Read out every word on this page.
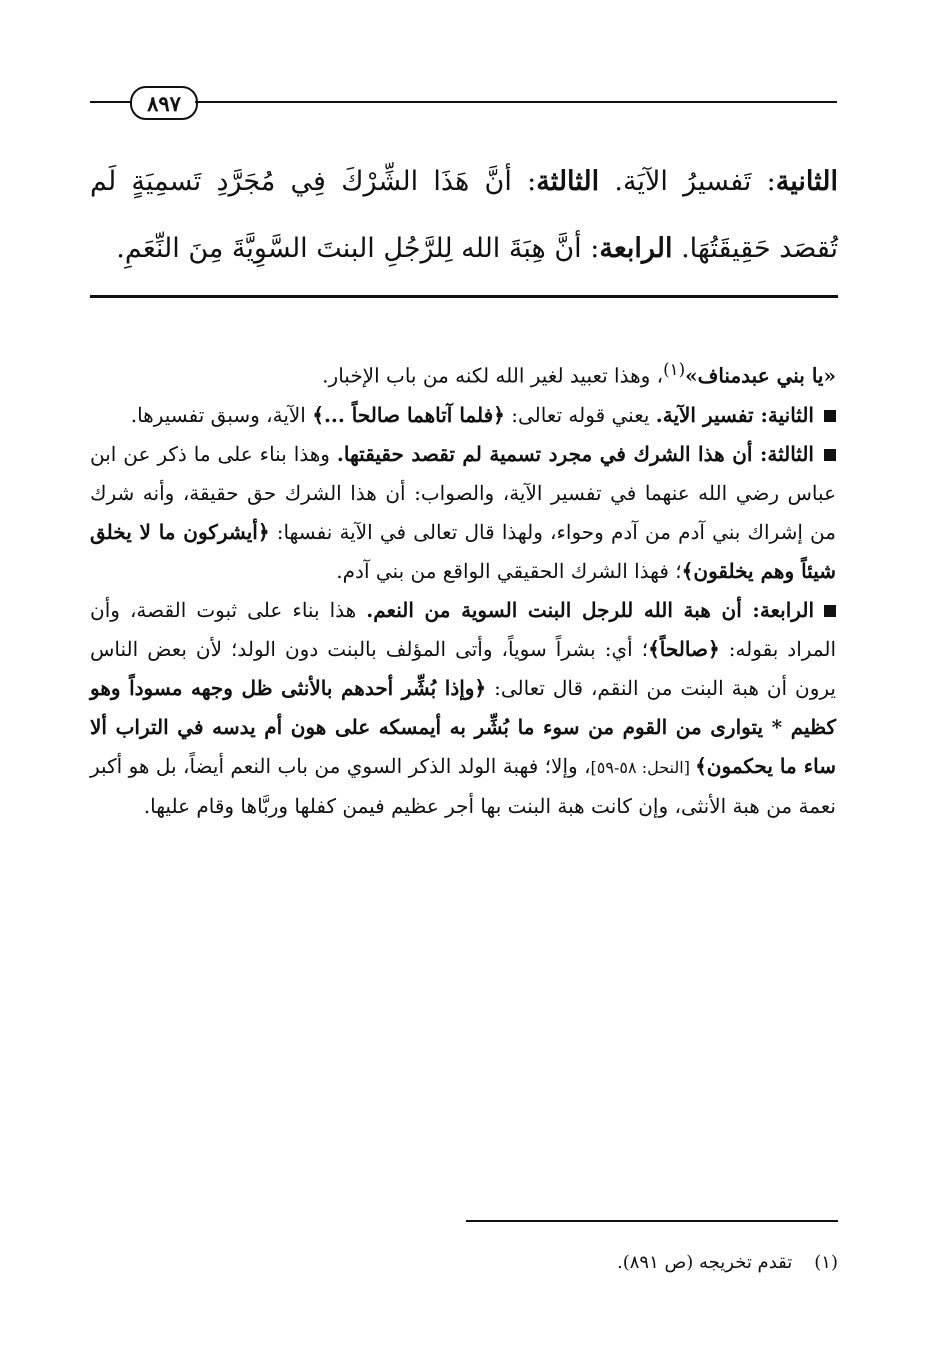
٨٩٧
الثانية: تَفسيرُ الآيَة. الثالثة: أنَّ هَذَا الشِّرْكَ فِي مُجَرَّدِ تَسمِيَةٍ لَم تُقصَد حَقِيقَتُهَا. الرابعة: أنَّ هِبَةَ الله لِلرَّجُلِ البنتَ السَّوِيَّةَ مِنَ النِّعَمِ.

«يا بني عبدمناف»$^{(١)}$، وهذا تعبيد لغير الله لكنه من باب الإخبار.

الثانية: تفسير الآية. يعني قوله تعالى: ﴿فلما آتاهما صالحاً ...﴾ الآية، وسبق تفسيرها.

الثالثة: أن هذا الشرك في مجرد تسمية لم تقصد حقيقتها. وهذا بناء على ما ذكر عن ابن عباس رضي الله عنهما في تفسير الآية، والصواب: أن هذا الشرك حق حقيقة، وأنه شرك من إشراك بني آدم من آدم وحواء، ولهذا قال تعالى في الآية نفسها: ﴿أيشركون ما لا يخلق شيئاً وهم يخلقون﴾؛ فهذا الشرك الحقيقي الواقع من بني آدم.

الرابعة: أن هبة الله للرجل البنت السوية من النعم. هذا بناء على ثبوت القصة، وأن المراد بقوله: ﴿صالحاً﴾؛ أي: بشراً سوياً، وأتى المؤلف بالبنت دون الولد؛ لأن بعض الناس يرون أن هبة البنت من النقم، قال تعالى: ﴿وإذا بُشِّر أحدهم بالأنثى ظل وجهه مسوداً وهو كظيم * يتوارى من القوم من سوء ما بُشِّر به أيمسكه على هون أم يدسه في التراب ألا ساء ما يحكمون﴾ [النحل: ٥٨-٥٩]، وإلا؛ فهبة الولد الذكر السوي من باب النعم أيضاً، بل هو أكبر نعمة من هبة الأنثى، وإن كانت هبة البنت بها أجر عظيم فيمن كفلها وربَّاها وقام عليها.

(١)تقدم تخريجه (ص ٨٩١).
